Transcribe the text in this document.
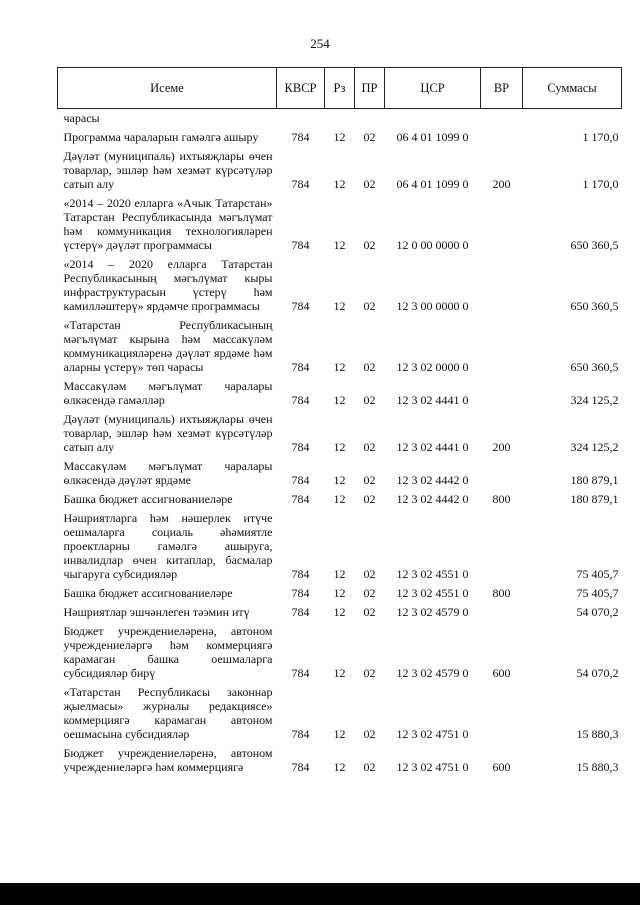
254
Исеме	КВСР	Рз	ПР	ЦСР	ВР	Суммасы
чарасы						
Программа чараларын гамәлгә ашыру	784	12	02	06 4 01 1099 0		1 170,0
Дәүләт (муниципаль) ихтыяҗлары өчен товарлар, эшләр һәм хезмәт күрсәтүләр сатып алу	784	12	02	06 4 01 1099 0	200	1 170,0
«2014 – 2020 елларга «Ачык Татарстан» Татарстан Республикасында мәгълүмат һәм коммуникация технологияләрен үстерү» дәүләт программасы	784	12	02	12 0 00 0000 0		650 360,5
«2014 – 2020 елларга Татарстан Республикасының мәгълүмат кыры инфраструктурасын үстерү һәм камилләштерү» ярдәмче программасы	784	12	02	12 3 00 0000 0		650 360,5
«Татарстан Республикасының мәгълүмат кырына һәм массакүләм коммуникацияләренә дәүләт ярдәме һәм аларны үстерү» төп чарасы	784	12	02	12 3 02 0000 0		650 360,5
Массакүләм мәгълүмат чаралары өлкәсендә гамәлләр	784	12	02	12 3 02 4441 0		324 125,2
Дәүләт (муниципаль) ихтыяҗлары өчен товарлар, эшләр һәм хезмәт күрсәтүләр сатып алу	784	12	02	12 3 02 4441 0	200	324 125,2
Массакүләм мәгълүмат чаралары өлкәсендә дәүләт ярдәме	784	12	02	12 3 02 4442 0		180 879,1
Башка бюджет ассигнованиеләре	784	12	02	12 3 02 4442 0	800	180 879,1
Нәшриятларга һәм нәшерлек итүче оешмаларга социаль әһәмиятле проектларны гамәлгә ашыруга, инвалидлар өчен китаплар, басмалар чыгаруга субсидияләр	784	12	02	12 3 02 4551 0		75 405,7
Башка бюджет ассигнованиеләре	784	12	02	12 3 02 4551 0	800	75 405,7
Нәшриятлар эшчәнлеген тәэмин итү	784	12	02	12 3 02 4579 0		54 070,2
Бюджет учреждениеләренә, автоном учреждениеләргә һәм коммерциягә карамаган башка оешмаларга субсидияләр бирү	784	12	02	12 3 02 4579 0	600	54 070,2
«Татарстан Республикасы законнар җыелмасы» журналы редакциясе» коммерциягә карамаган автоном оешмасына субсидияләр	784	12	02	12 3 02 4751 0		15 880,3
Бюджет учреждениеләренә, автоном учреждениеләргә һәм коммерциягә	784	12	02	12 3 02 4751 0	600	15 880,3
